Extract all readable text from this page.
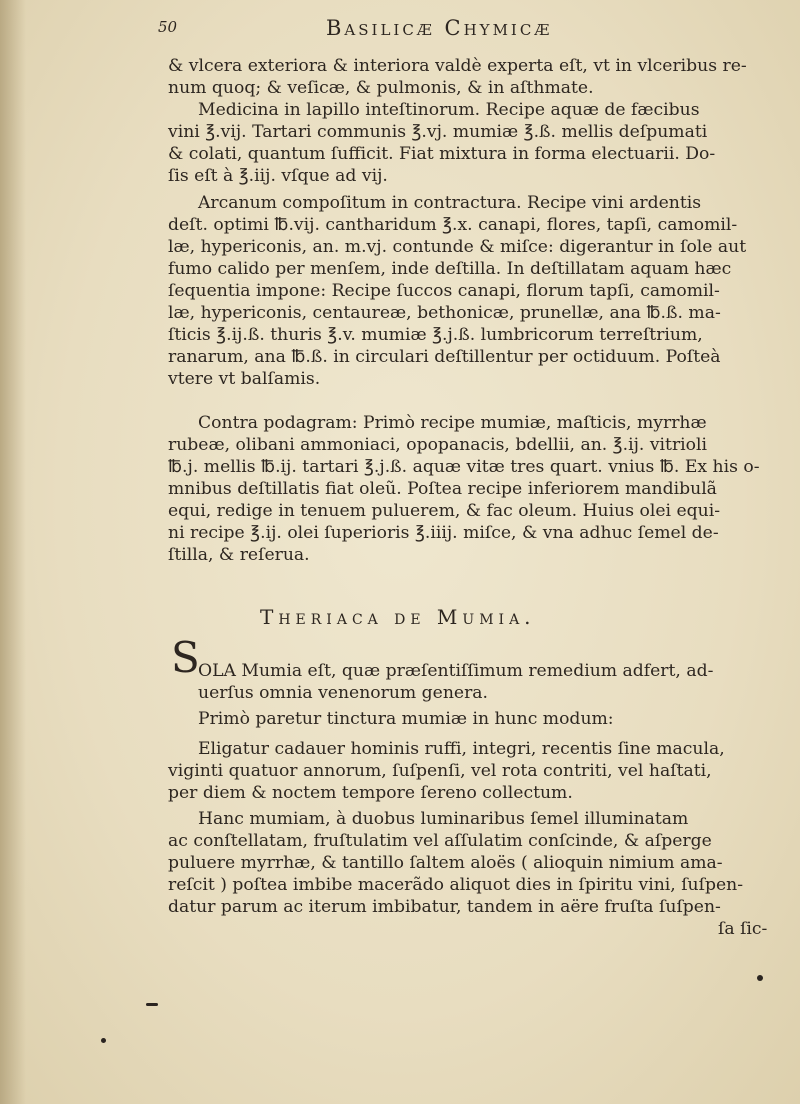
50	Basilicæ Chymicæ
& vlcera exteriora & interiora valdè experta eſt, vt in vlceribus re-
num quoq; & veſicæ, & pulmonis, & in aſthmate.
Medicina in lapillo inteſtinorum. Recipe aquæ de fæcibus
vini ℥.vij. Tartari communis ℥.vj. mumiæ ℥.ß. mellis deſpumati
& colati, quantum ſufficit. Fiat mixtura in forma electuarii. Do-
ſis eſt à ℥.iij. vſque ad vij.
Arcanum compoſitum in contractura. Recipe vini ardentis
deſt. optimi ℔.vij. cantharidum ℥.x. canapi, flores, tapſi, camomil-
læ, hypericonis, an. m.vj. contunde & miſce: digerantur in ſole aut
fumo calido per menſem, inde deſtilla. In deſtillatam aquam hæc
ſequentia impone: Recipe ſuccos canapi, florum tapſi, camomil-
læ, hypericonis, centaureæ, bethonicæ, prunellæ, ana ℔.ß. ma-
ſticis ℥.ij.ß. thuris ℥.v. mumiæ ℥.j.ß. lumbricorum terreſtrium,
ranarum, ana ℔.ß. in circulari deſtillentur per octiduum. Poſteà
vtere vt balſamis.
Contra podagram: Primò recipe mumiæ, maſticis, myrrhæ
rubeæ, olibani ammoniaci, opopanacis, bdellii, an. ℥.ij. vitrioli
℔.j. mellis ℔.ij. tartari ℥.j.ß. aquæ vitæ tres quart. vnius ℔. Ex his o-
mnibus deſtillatis fiat oleũ. Poſtea recipe inferiorem mandibulã
equi, redige in tenuem puluerem, & fac oleum. Huius olei equi-
ni recipe ℥.ij. olei ſuperioris ℥.iiij. miſce, & vna adhuc ſemel de-
ſtilla, & reſerua.
Theriaca de Mumia.
S
OLA Mumia eſt, quæ præſentiſſimum remedium adfert, ad-
uerſus omnia venenorum genera.
Primò paretur tinctura mumiæ in hunc modum:
Eligatur cadauer hominis ruffi, integri, recentis ſine macula,
viginti quatuor annorum, ſuſpenſi, vel rota contriti, vel haſtati,
per diem & noctem tempore ſereno collectum.
Hanc mumiam, à duobus luminaribus ſemel illuminatam
ac conſtellatam, fruſtulatim vel aſſulatim conſcinde, & aſperge
puluere myrrhæ, & tantillo ſaltem aloës ( alioquin nimium ama-
reſcit ) poſtea imbibe macerãdo aliquot dies in ſpiritu vini, ſuſpen-
datur parum ac iterum imbibatur, tandem in aëre fruſta ſuſpen-
ſa ſic-
